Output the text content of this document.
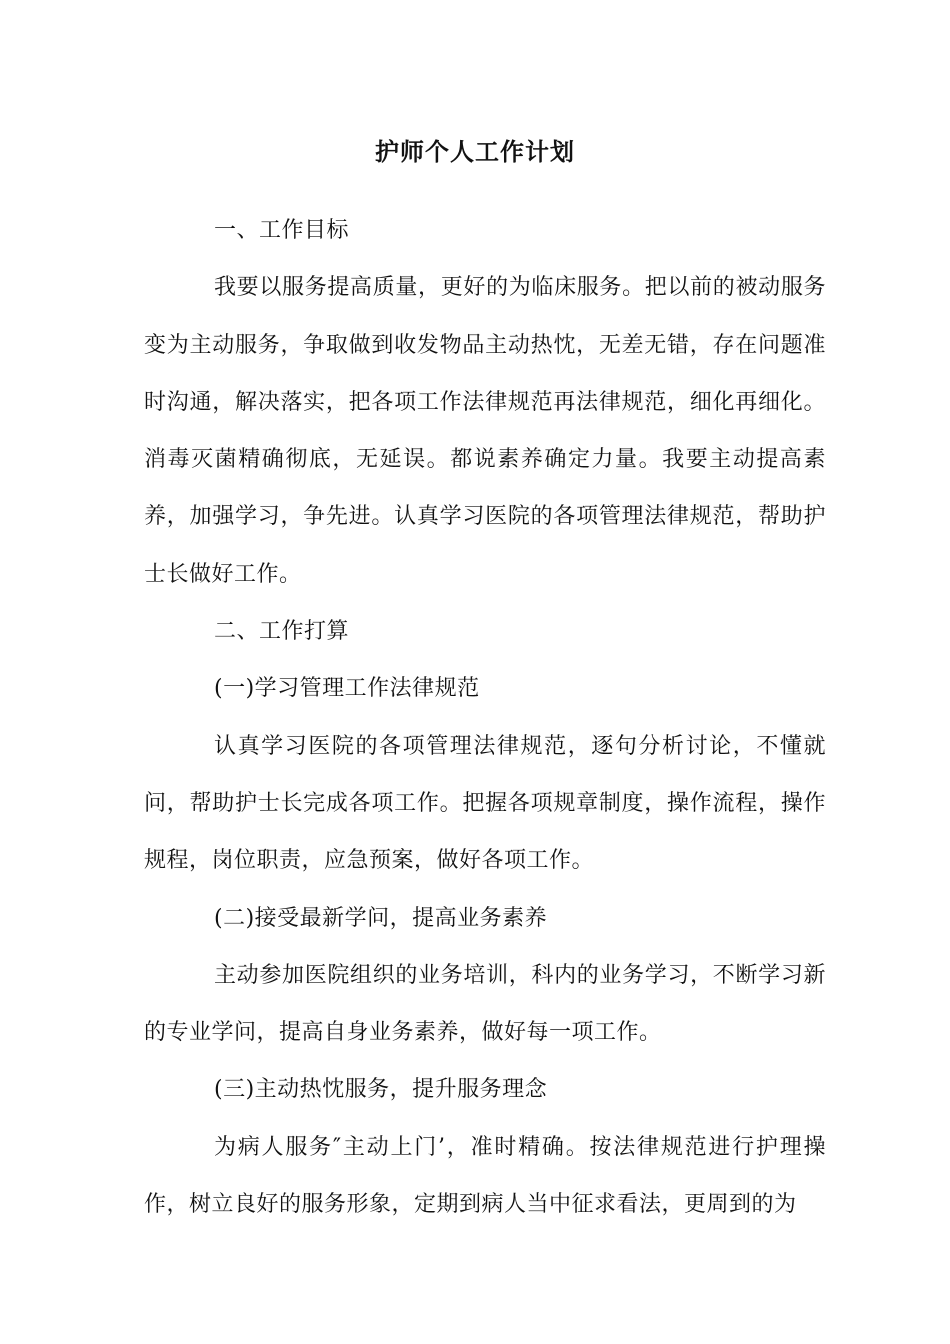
护师个人工作计划

一、工作目标

我要以服务提高质量，更好的为临床服务。把以前的被动服务变为主动服务，争取做到收发物品主动热忱，无差无错，存在问题准时沟通，解决落实，把各项工作法律规范再法律规范，细化再细化。消毒灭菌精确彻底，无延误。都说素养确定力量。我要主动提高素养，加强学习，争先进。认真学习医院的各项管理法律规范，帮助护士长做好工作。

二、工作打算

(一)学习管理工作法律规范

认真学习医院的各项管理法律规范，逐句分析讨论，不懂就问，帮助护士长完成各项工作。把握各项规章制度，操作流程，操作规程，岗位职责，应急预案，做好各项工作。

(二)接受最新学问，提高业务素养

主动参加医院组织的业务培训，科内的业务学习，不断学习新的专业学问，提高自身业务素养，做好每一项工作。

(三)主动热忱服务，提升服务理念

为病人服务″主动上门’，准时精确。按法律规范进行护理操作，树立良好的服务形象，定期到病人当中征求看法，更周到的为
